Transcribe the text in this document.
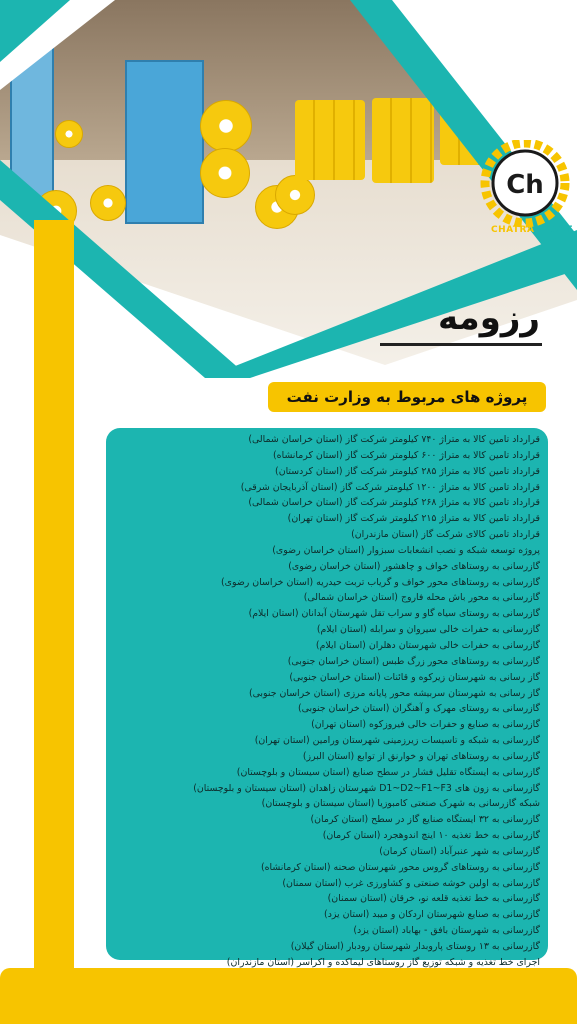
Ch
CHATRA PLAST
رزومه
پروژه های مربوط به وزارت نفت
قرارداد تامین کالا به متراژ ۷۴۰ کیلومتر شرکت گاز (استان خراسان شمالی)
قرارداد تامین کالا به متراژ ۶۰۰ کیلومتر شرکت گاز (استان کرمانشاه)
قرارداد تامین کالا به متراژ ۲۸۵ کیلومتر شرکت گاز (استان کردستان)
قرارداد تامین کالا به متراژ ۱۲۰۰ کیلومتر شرکت گاز (استان آذربایجان شرقی)
قرارداد تامین کالا به متراژ ۲۶۸ کیلومتر شرکت گاز (استان خراسان شمالی)
قرارداد تامین کالا به متراژ ۲۱۵ کیلومتر شرکت گاز (استان تهران)
قرارداد تامین کالای شرکت گاز (استان مازندران)
پروژه توسعه شبکه و نصب انشعابات سبزوار (استان خراسان رضوی)
گازرسانی به روستاهای خواف و چاهشور (استان خراسان رضوی)
گازرسانی به روستاهای محور خواف و گریاب تربت حیدریه (استان خراسان رضوی)
گازرسانی به محور باش محله فاروج (استان خراسان شمالی)
گازرسانی به روستای سیاه گاو و سراب تقل شهرستان آبدانان (استان ایلام)
گازرسانی به حفرات خالی سیروان و سرابله (استان ایلام)
گازرسانی به حفرات خالی شهرستان دهلران (استان ایلام)
گازرسانی به روستاهای محور زرگ طبس (استان خراسان جنوبی)
گاز رسانی به شهرستان زیرکوه و قائنات (استان خراسان جنوبی)
گاز رسانی به شهرستان سربیشه محور پایانه مرزی (استان خراسان جنوبی)
گازرسانی به روستای مهرک و آهنگران (استان خراسان جنوبی)
گازرسانی به صنایع و حفرات خالی فیروزکوه (استان تهران)
گازرسانی به شبکه و تاسیسات زیرزمینی شهرستان ورامین (استان تهران)
گازرسانی به روستاهای تهران و خوارنق از توابع (استان البرز)
گازرسانی به ایستگاه تقلیل فشار در سطح صنایع (استان سیستان و بلوچستان)
گازرسانی به زون های D1~D2~F1~F3 شهرستان زاهدان (استان سیستان و بلوچستان)
شبکه گازرسانی به شهرک صنعتی کامبوزیا (استان سیستان و بلوچستان)
گازرسانی به ۳۲ ایستگاه صنایع گاز در سطح (استان کرمان)
گازرسانی به خط تغذیه ۱۰ اینچ اندوهجرد (استان کرمان)
گازرسانی به شهر عنبرآباد (استان کرمان)
گازرسانی به روستاهای گروس محور شهرستان صحنه (استان کرمانشاه)
گازرسانی به اولین خوشه صنعتی و کشاورزی غرب (استان سمنان)
گازرسانی به خط تغذیه قلعه نو، خرقان (استان سمنان)
گازرسانی به صنایع شهرستان اردکان و میبد (استان یزد)
گازرسانی به شهرستان بافق - بهاباد (استان یزد)
گازرسانی به ۱۳ روستای پاروبدار شهرستان رودبار (استان گیلان)
اجرای خط تغذیه و شبکه توزیع گاز روستاهای لیماکده و اکراسر (استان مازندران)
